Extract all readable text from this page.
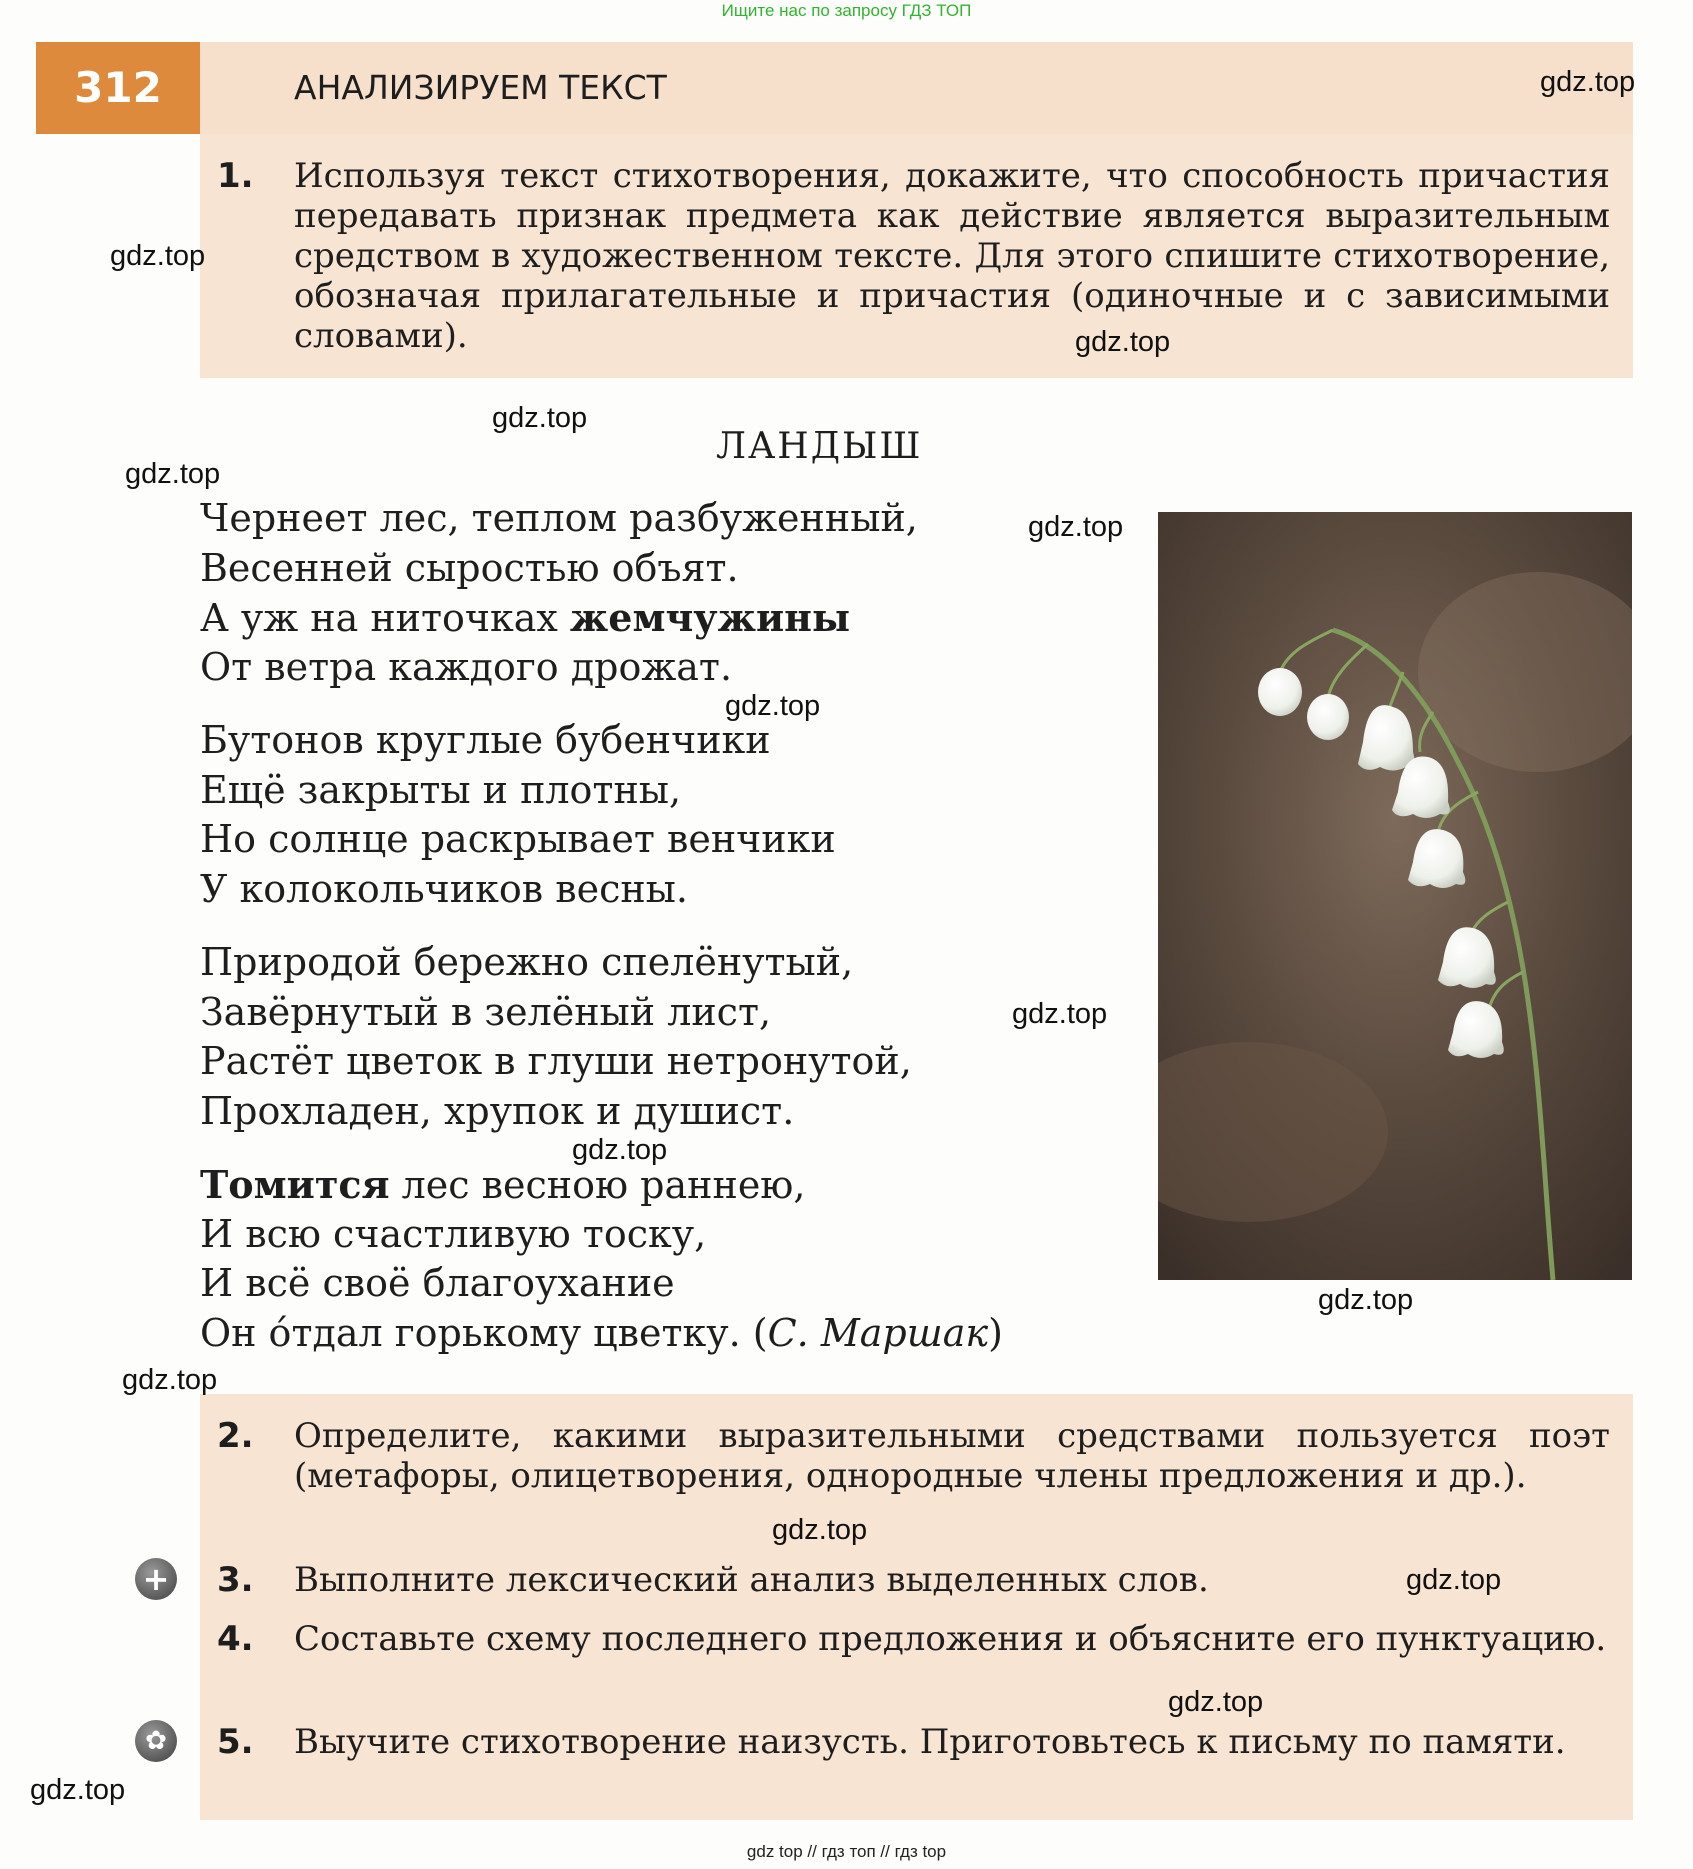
Ищите нас по запросу ГДЗ ТОП
312	АНАЛИЗИРУЕМ ТЕКСТ
1. Используя текст стихотворения, докажите, что способность причастия передавать признак предмета как действие является выразительным средством в художественном тексте. Для этого спишите стихотворение, обозначая прилагательные и причастия (одиночные и с зависимыми словами).
ЛАНДЫШ
Чернеет лес, теплом разбуженный,
Весенней сыростью объят.
А уж на ниточках жемчужины
От ветра каждого дрожат.
Бутонов круглые бубенчики
Ещё закрыты и плотны,
Но солнце раскрывает венчики
У колокольчиков весны.
Природой бережно спелёнутый,
Завёрнутый в зелёный лист,
Растёт цветок в глуши нетронутой,
Прохладен, хрупок и душист.
Томится лес весною раннею,
И всю счастливую тоску,
И всё своё благоухание
Он о́тдал горькому цветку. (С. Маршак)
2. Определите, какими выразительными средствами пользуется поэт (метафоры, олицетворения, однородные члены предложения и др.).
+ 3. Выполните лексический анализ выделенных слов.
4. Составьте схему последнего предложения и объясните его пунктуацию.
✿ 5. Выучите стихотворение наизусть. Приготовьтесь к письму по памяти.
gdz.top
gdz.top
gdz.top
gdz.top
gdz.top
gdz.top
gdz.top
gdz.top
gdz.top
gdz.top
gdz.top
gdz.top
gdz.top
gdz.top
gdz.top
gdz top // гдз топ // гдз top
